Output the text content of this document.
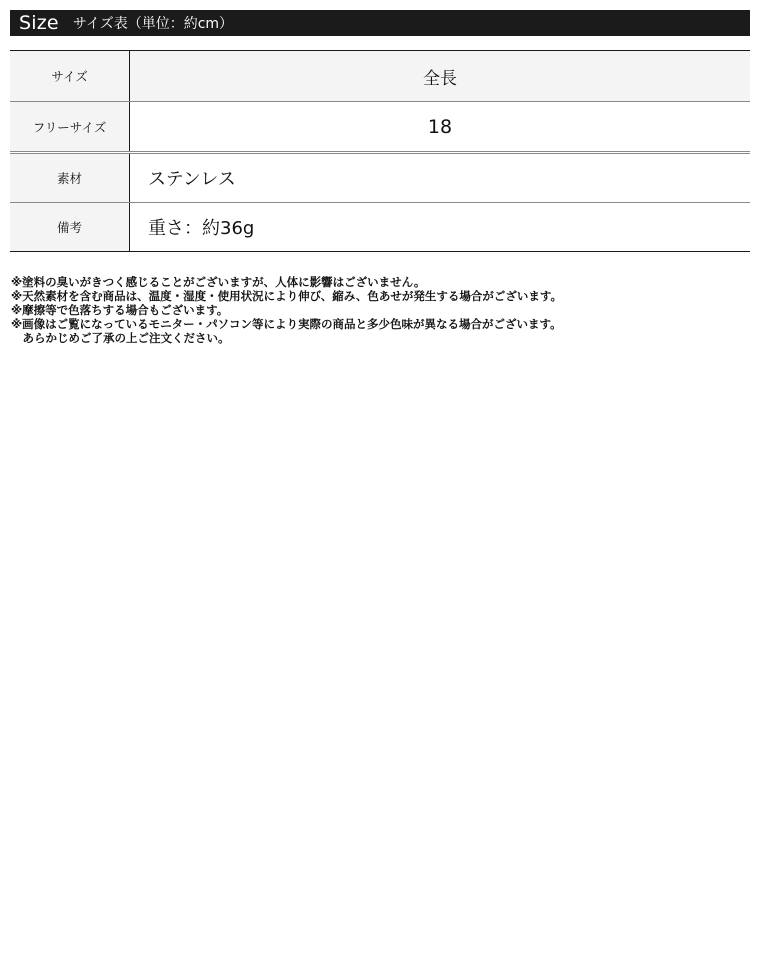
Size サイズ表（単位：約cm）
サイズ	全長
フリーサイズ	18
素材	ステンレス
備考	重さ：約36g
※塗料の臭いがきつく感じることがございますが、人体に影響はございません。
※天然素材を含む商品は、温度・湿度・使用状況により伸び、縮み、色あせが発生する場合がございます。
※摩擦等で色落ちする場合もございます。
※画像はご覧になっているモニター・パソコン等により実際の商品と多少色味が異なる場合がございます。
　あらかじめご了承の上ご注文ください。
